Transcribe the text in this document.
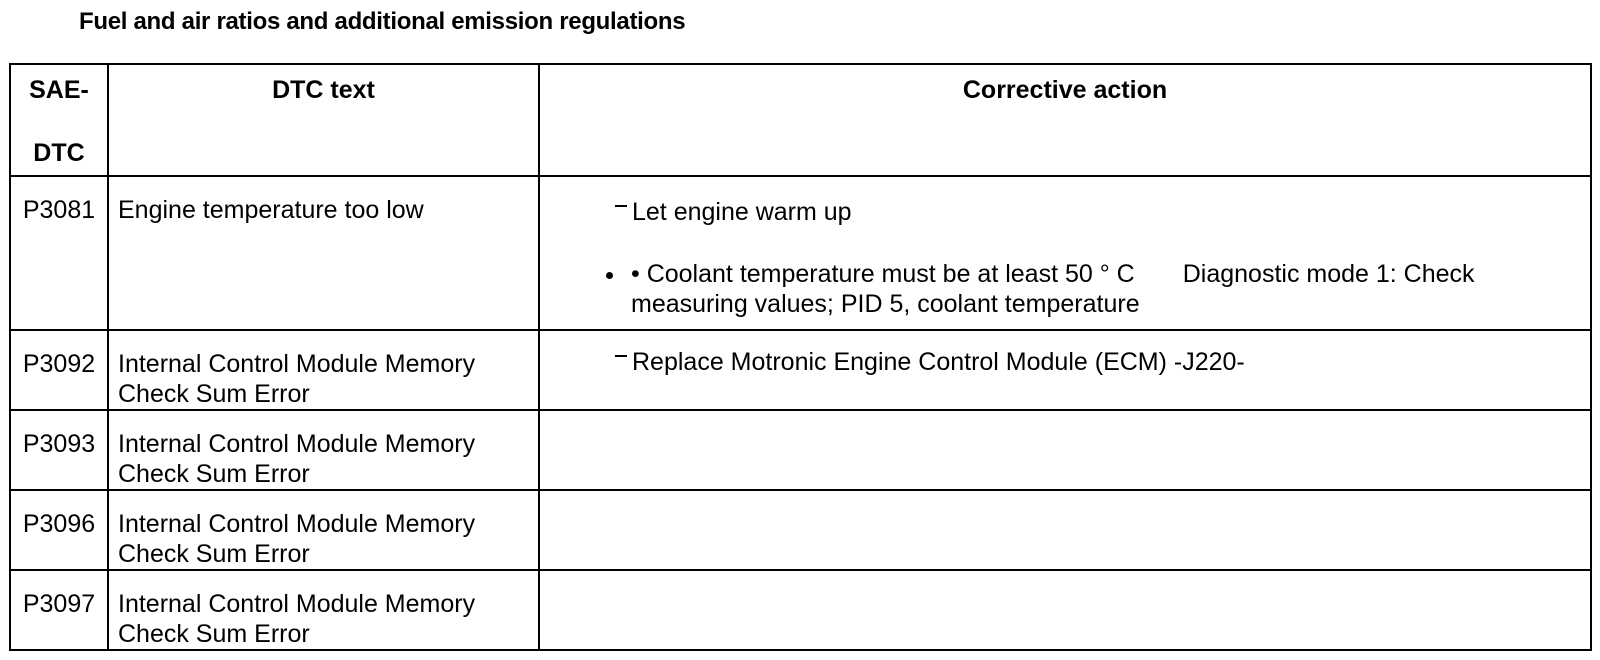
Fuel and air ratios and additional emission regulations
SAE-
DTC	DTC text	Corrective action
P3081	Engine temperature too low	Let engine warm up
• Coolant temperature must be at least 50 ° C Diagnostic mode 1: Check
measuring values; PID 5, coolant temperature

P3092	Internal Control Module Memory Check Sum Error	Replace Motronic Engine Control Module (ECM) -J220-

P3093	Internal Control Module Memory Check Sum Error	
P3096	Internal Control Module Memory Check Sum Error	
P3097	Internal Control Module Memory Check Sum Error	
